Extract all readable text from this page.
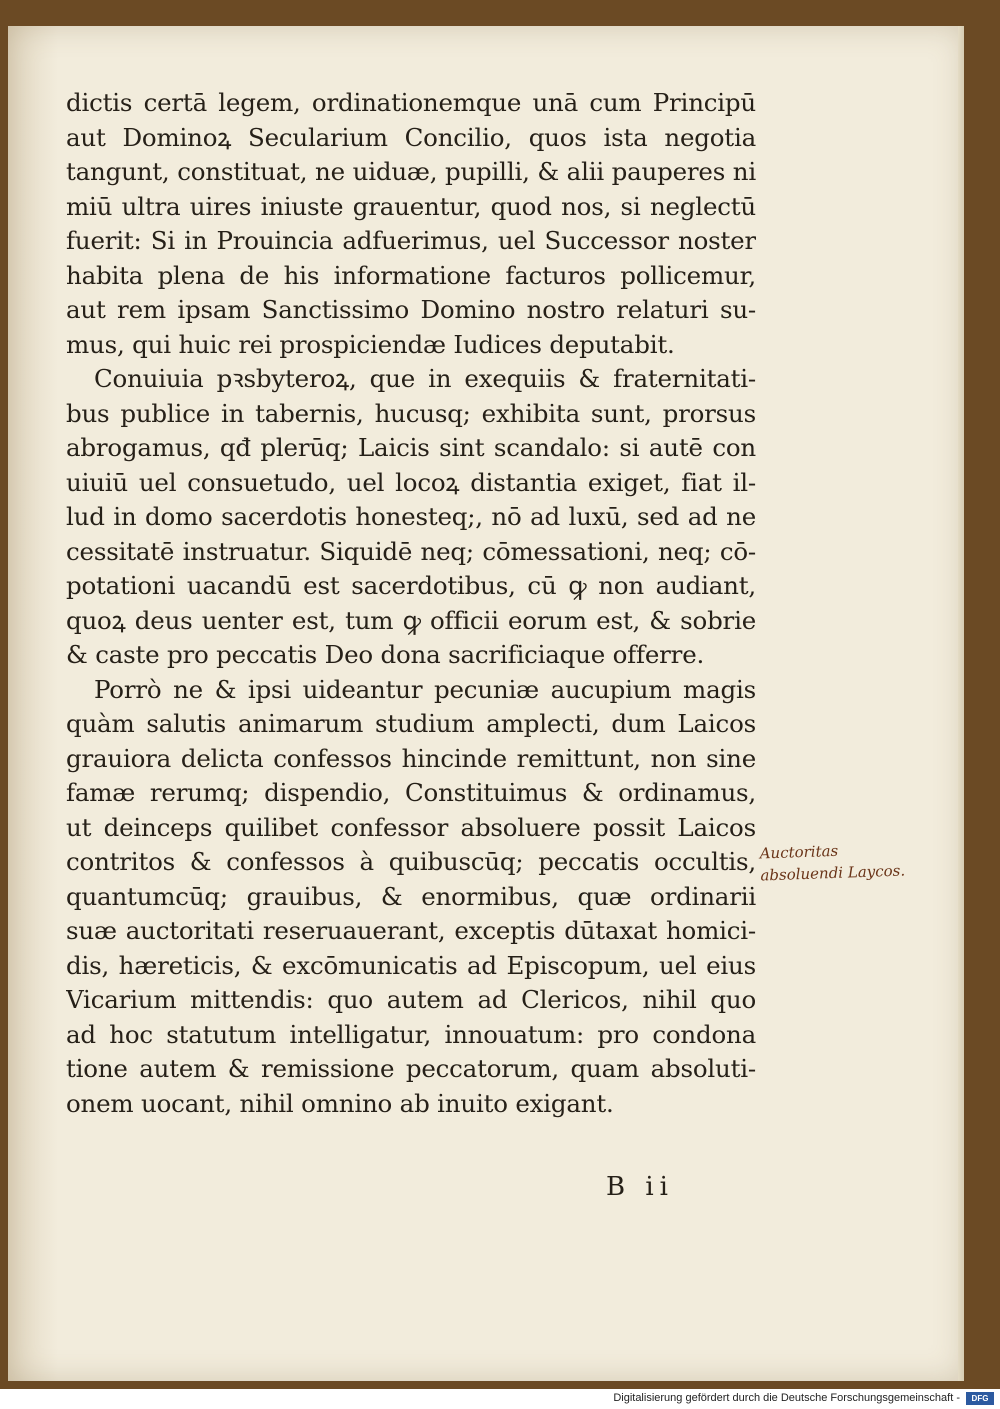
dictis certā legem, ordinationemque unā cum Principū
aut Dominoꝝ Secularium Concilio, quos ista negotia
tangunt, constituat, ne uiduæ, pupilli, & alii pauperes ni
miū ultra uires iniuste grauentur, quod nos, si neglectū
fuerit: Si in Prouincia adfuerimus, uel Successor noster
habita plena de his informatione facturos pollicemur,
aut rem ipsam Sanctissimo Domino nostro relaturi su-
mus, qui huic rei prospiciendæ Iudices deputabit.
Conuiuia pꝛsbyteroꝝ, que in exequiis & fraternitati-
bus publice in tabernis, hucusq; exhibita sunt, prorsus
abrogamus, qđ plerūq; Laicis sint scandalo: si autē con
uiuiū uel consuetudo, uel locoꝝ distantia exiget, fiat il-
lud in domo sacerdotis honesteq;, nō ad luxū, sed ad ne
cessitatē instruatur. Siquidē neq; cōmessationi, neq; cō-
potationi uacandū est sacerdotibus, cū ꝙ non audiant,
quoꝝ deus uenter est, tum ꝙ officii eorum est, & sobrie
& caste pro peccatis Deo dona sacrificiaque offerre.
Porrò ne & ipsi uideantur pecuniæ aucupium magis
quàm salutis animarum studium amplecti, dum Laicos
grauiora delicta confessos hincinde remittunt, non sine
famæ rerumq; dispendio, Constituimus & ordinamus,
ut deinceps quilibet confessor absoluere possit Laicos
contritos & confessos à quibuscūq; peccatis occultis,
quantumcūq; grauibus, & enormibus, quæ ordinarii
suæ auctoritati reseruauerant, exceptis dūtaxat homici-
dis, hæreticis, & excōmunicatis ad Episcopum, uel eius
Vicarium mittendis: quo autem ad Clericos, nihil quo
ad hoc statutum intelligatur, innouatum: pro condona
tione autem & remissione peccatorum, quam absoluti-
onem uocant, nihil omnino ab inuito exigant.
Auctoritas
absoluendi Laycos.
B ii
Digitalisierung gefördert durch die Deutsche Forschungsgemeinschaft -	DFG
